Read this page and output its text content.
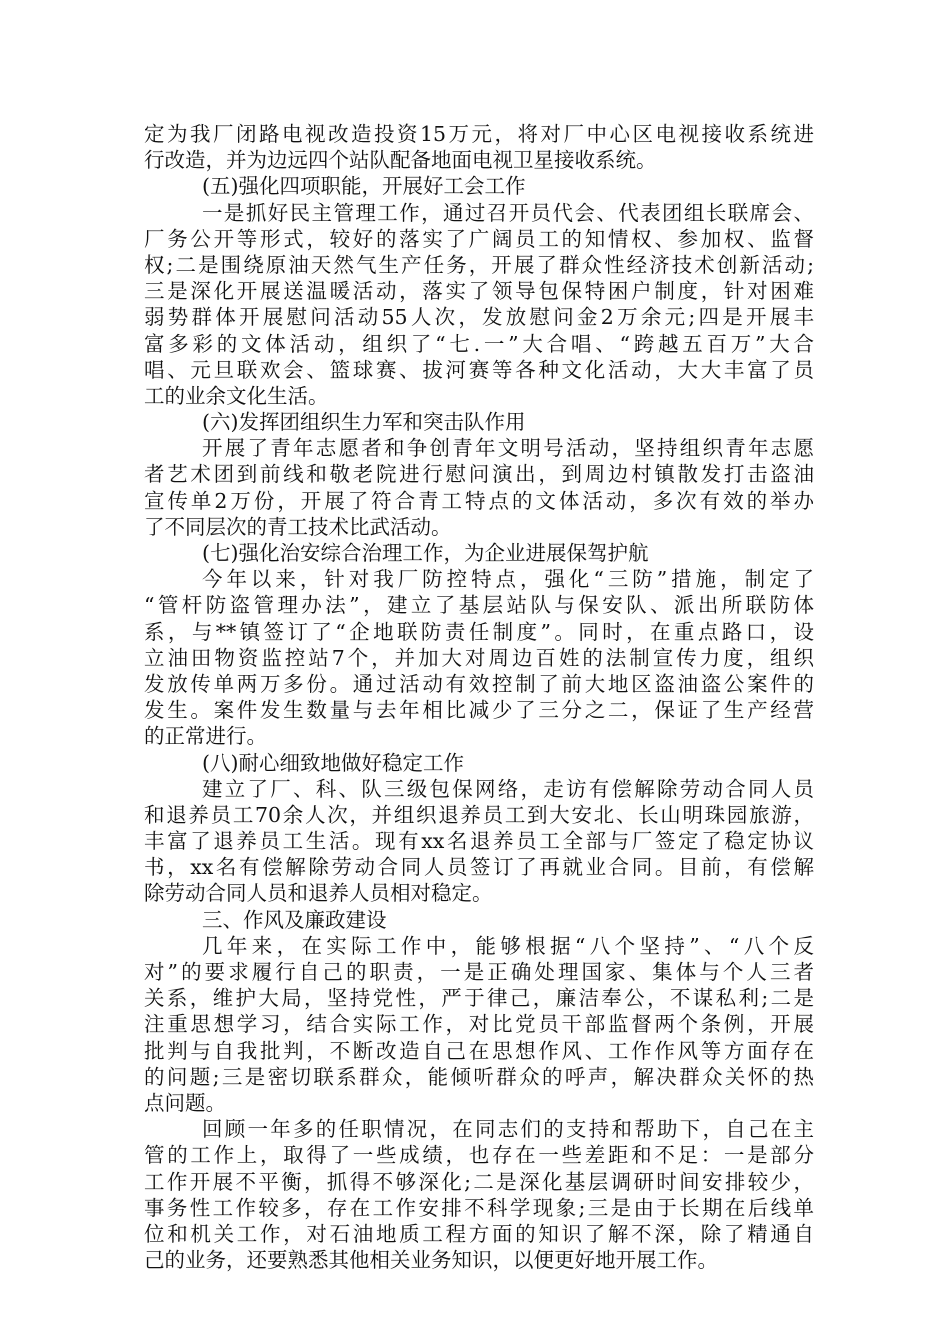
定为我厂闭路电视改造投资15万元，将对厂中心区电视接收系统进
行改造，并为边远四个站队配备地面电视卫星接收系统。
(五)强化四项职能，开展好工会工作
一是抓好民主管理工作，通过召开员代会、代表团组长联席会、
厂务公开等形式，较好的落实了广阔员工的知情权、参加权、监督
权;二是围绕原油天然气生产任务，开展了群众性经济技术创新活动;
三是深化开展送温暖活动，落实了领导包保特困户制度，针对困难
弱势群体开展慰问活动55人次，发放慰问金2万余元;四是开展丰
富多彩的文体活动，组织了“七.一”大合唱、“跨越五百万”大合
唱、元旦联欢会、篮球赛、拔河赛等各种文化活动，大大丰富了员
工的业余文化生活。
(六)发挥团组织生力军和突击队作用
开展了青年志愿者和争创青年文明号活动，坚持组织青年志愿
者艺术团到前线和敬老院进行慰问演出，到周边村镇散发打击盗油
宣传单2万份，开展了符合青工特点的文体活动，多次有效的举办
了不同层次的青工技术比武活动。
(七)强化治安综合治理工作，为企业进展保驾护航
今年以来，针对我厂防控特点，强化“三防”措施，制定了
“管杆防盗管理办法”，建立了基层站队与保安队、派出所联防体
系，与**镇签订了“企地联防责任制度”。同时，在重点路口，设
立油田物资监控站7个，并加大对周边百姓的法制宣传力度，组织
发放传单两万多份。通过活动有效控制了前大地区盗油盗公案件的
发生。案件发生数量与去年相比减少了三分之二，保证了生产经营
的正常进行。
(八)耐心细致地做好稳定工作
建立了厂、科、队三级包保网络，走访有偿解除劳动合同人员
和退养员工70余人次，并组织退养员工到大安北、长山明珠园旅游，
丰富了退养员工生活。现有xx名退养员工全部与厂签定了稳定协议
书，xx名有偿解除劳动合同人员签订了再就业合同。目前，有偿解
除劳动合同人员和退养人员相对稳定。
三、作风及廉政建设
几年来，在实际工作中，能够根据“八个坚持”、“八个反
对”的要求履行自己的职责，一是正确处理国家、集体与个人三者
关系，维护大局，坚持党性，严于律己，廉洁奉公，不谋私利;二是
注重思想学习，结合实际工作，对比党员干部监督两个条例，开展
批判与自我批判，不断改造自己在思想作风、工作作风等方面存在
的问题;三是密切联系群众，能倾听群众的呼声，解决群众关怀的热
点问题。
回顾一年多的任职情况，在同志们的支持和帮助下，自己在主
管的工作上，取得了一些成绩，也存在一些差距和不足：一是部分
工作开展不平衡，抓得不够深化;二是深化基层调研时间安排较少，
事务性工作较多，存在工作安排不科学现象;三是由于长期在后线单
位和机关工作，对石油地质工程方面的知识了解不深，除了精通自
己的业务，还要熟悉其他相关业务知识，以便更好地开展工作。
